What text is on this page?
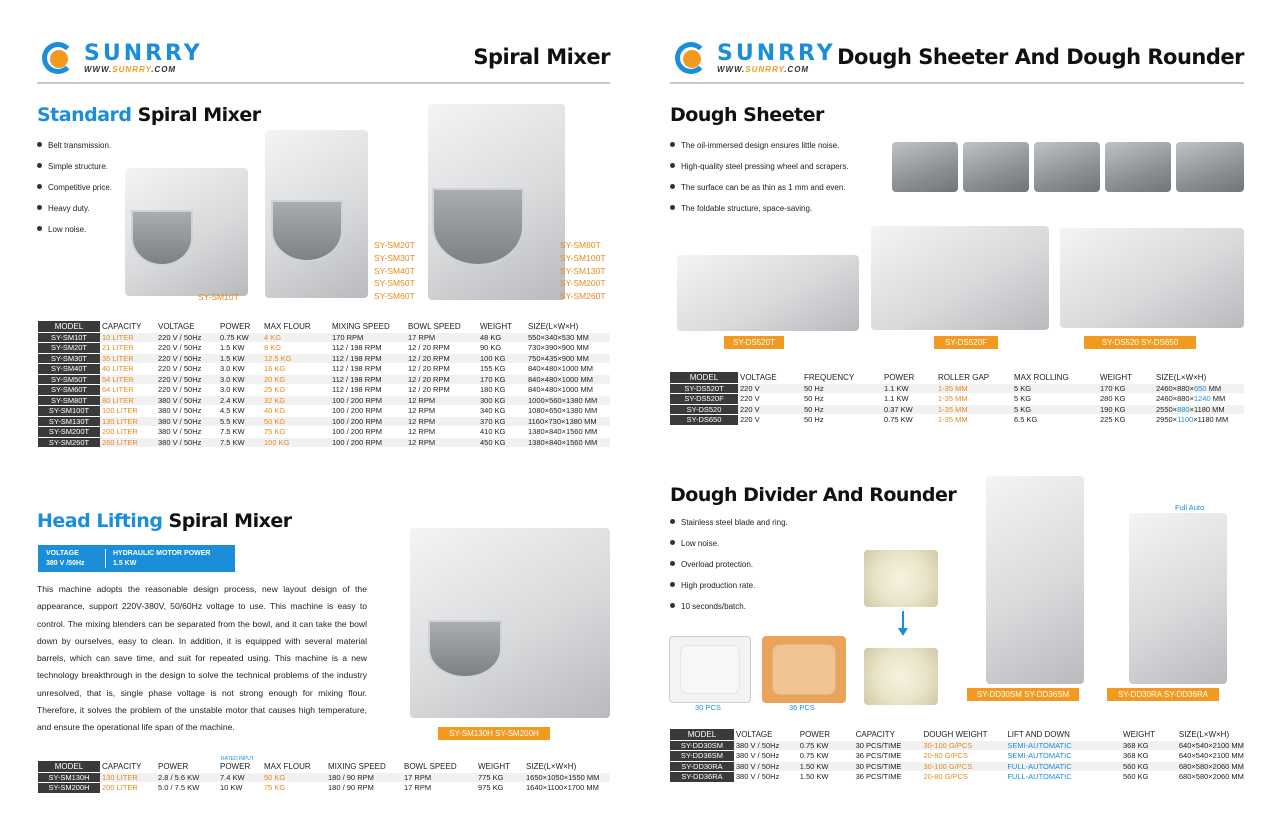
SUNRRY
WWW.SUNRRY.COM	Spiral Mixer
Standard Spiral Mixer
Belt transmission.
Simple structure.
Competitive price.
Heavy duty.
Low noise.
SY-SM10T
SY-SM20T
SY-SM30T
SY-SM40T
SY-SM50T
SY-SM60T
SY-SM80T
SY-SM100T
SY-SM130T
SY-SM200T
SY-SM260T
MODEL	CAPACITY	VOLTAGE	POWER	MAX FLOUR	MIXING SPEED	BOWL SPEED	WEIGHT	SIZE(L×W×H)
SY-SM10T	10 LITER	220 V / 50Hz	0.75 KW	4 KG	170 RPM	17 RPM	48 KG	550×340×530 MM
SY-SM20T	21 LITER	220 V / 50Hz	1.5 KW	8 KG	112 / 198 RPM	12 / 20 RPM	90 KG	730×390×900 MM
SY-SM30T	35 LITER	220 V / 50Hz	1.5 KW	12.5 KG	112 / 198 RPM	12 / 20 RPM	100 KG	750×435×900 MM
SY-SM40T	40 LITER	220 V / 50Hz	3.0 KW	16 KG	112 / 198 RPM	12 / 20 RPM	155 KG	840×480×1000 MM
SY-SM50T	54 LITER	220 V / 50Hz	3.0 KW	20 KG	112 / 198 RPM	12 / 20 RPM	170 KG	840×480×1000 MM
SY-SM60T	64 LITER	220 V / 50Hz	3.0 KW	25 KG	112 / 198 RPM	12 / 20 RPM	180 KG	840×480×1000 MM
SY-SM80T	80 LITER	380 V / 50Hz	2.4 KW	32 KG	100 / 200 RPM	12 RPM	300 KG	1000×560×1380 MM
SY-SM100T	100 LITER	380 V / 50Hz	4.5 KW	40 KG	100 / 200 RPM	12 RPM	340 KG	1080×650×1380 MM
SY-SM130T	130 LITER	380 V / 50Hz	5.5 KW	50 KG	100 / 200 RPM	12 RPM	370 KG	1160×730×1380 MM
SY-SM200T	200 LITER	380 V / 50Hz	7.5 KW	75 KG	100 / 200 RPM	12 RPM	410 KG	1380×840×1560 MM
SY-SM260T	260 LITER	380 V / 50Hz	7.5 KW	100 KG	100 / 200 RPM	12 RPM	450 KG	1380×840×1560 MM
Head Lifting Spiral Mixer
VOLTAGE
380 V /50Hz
HYDRAULIC MOTOR POWER
1.5 KW
This machine adopts the reasonable design process, new layout design of the appearance, support 220V-380V, 50/60Hz voltage to use. This machine is easy to control. The mixing blenders can be separated from the bowl, and it can take the bowl down by ourselves, easy to clean. In addition, it is equipped with several material barrels, which can save time, and suit for repeated using. This machine is a new technology breakthrough in the design to solve the technical problems of the industry unresolved, that is, single phase voltage is not strong enough for mixing flour. Therefore, it solves the problem of the unstable motor that causes high temperature, and ensure the operational life span of the machine.
SY-SM130H SY-SM200H
RATED INPUT
MODEL	CAPACITY	POWER	POWER	MAX FLOUR	MIXING SPEED	BOWL SPEED	WEIGHT	SIZE(L×W×H)
SY-SM130H	130 LITER	2.8 / 5.6 KW	7.4 KW	50 KG	180 / 90 RPM	17 RPM	775 KG	1650×1050×1550 MM
SY-SM200H	200 LITER	5.0 / 7.5 KW	10 KW	75 KG	180 / 90 RPM	17 RPM	975 KG	1640×1100×1700 MM
SUNRRY
WWW.SUNRRY.COM	Dough Sheeter And Dough Rounder
Dough Sheeter
The oil-immersed design ensures little noise.
High-quality steel pressing wheel and scrapers.
The surface can be as thin as 1 mm and even.
The foldable structure, space-saving.
SY-DS520T	SY-DS520F	SY-DS520 SY-DS650
MODEL	VOLTAGE	FREQUENCY	POWER	ROLLER GAP	MAX ROLLING	WEIGHT	SIZE(L×W×H)
SY-DS520T	220 V	50 Hz	1.1 KW	1-35 MM	5 KG	170 KG	2460×880×650 MM
SY-DS520F	220 V	50 Hz	1.1 KW	1-35 MM	5 KG	280 KG	2460×880×1240 MM
SY-DS520	220 V	50 Hz	0.37 KW	1-35 MM	5 KG	190 KG	2550×880×1180 MM
SY-DS650	220 V	50 Hz	0.75 KW	1-35 MM	6.5 KG	225 KG	2950×1100×1180 MM
Dough Divider And Rounder
Stainless steel blade and ring.
Low noise.
Overload protection.
High production rate.
10 seconds/batch.
30 PCS	36 PCS
SY-DD30SM SY-DD36SM
Full Auto
SY-DD30RA SY-DD36RA
MODEL	VOLTAGE	POWER	CAPACITY	DOUGH WEIGHT	LIFT AND DOWN	WEIGHT	SIZE(L×W×H)
SY-DD30SM	380 V / 50Hz	0.75 KW	30 PCS/TIME	30-100 G/PCS	SEMI-AUTOMATIC	368 KG	640×540×2100 MM
SY-DD36SM	380 V / 50Hz	0.75 KW	36 PCS/TIME	20-80 G/PCS	SEMI-AUTOMATIC	368 KG	640×540×2100 MM
SY-DD30RA	380 V / 50Hz	1.50 KW	30 PCS/TIME	30-100 G/PCS	FULL-AUTOMATIC	560 KG	680×580×2060 MM
SY-DD36RA	380 V / 50Hz	1.50 KW	36 PCS/TIME	20-80 G/PCS	FULL-AUTOMATIC	560 KG	680×580×2060 MM
